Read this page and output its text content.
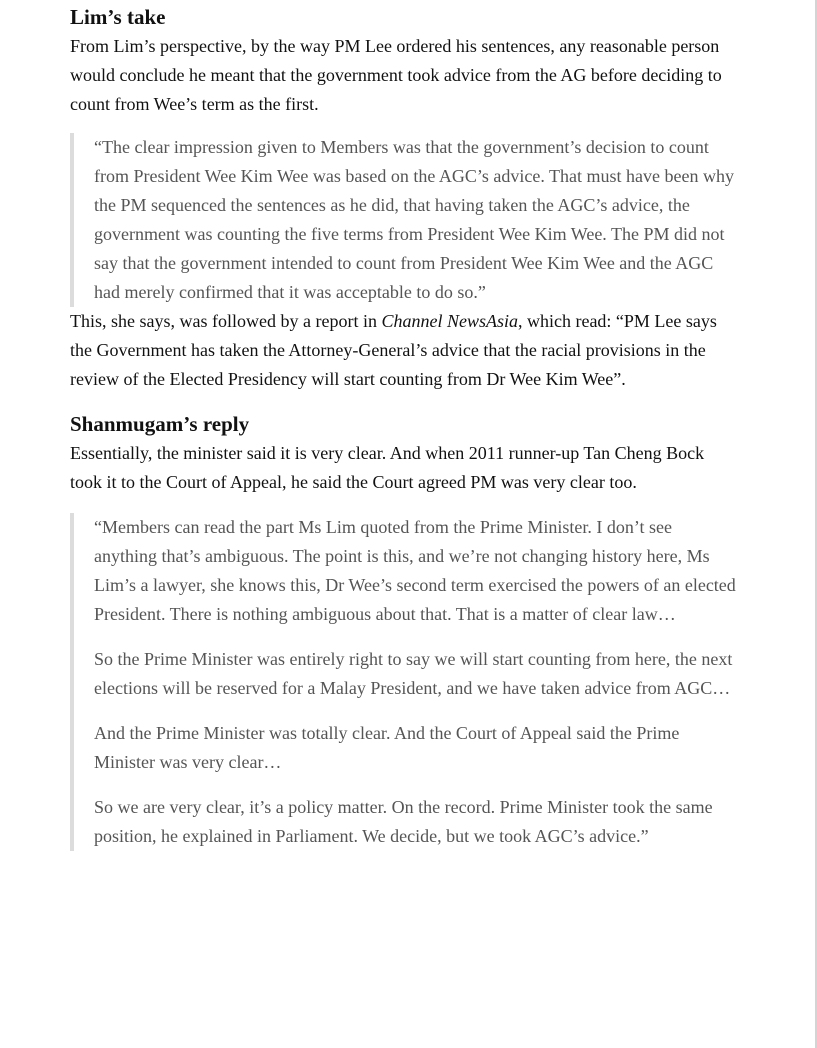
Lim’s take

From Lim’s perspective, by the way PM Lee ordered his sentences, any reasonable person would conclude he meant that the government took advice from the AG before deciding to count from Wee’s term as the first.

“The clear impression given to Members was that the government’s decision to count from President Wee Kim Wee was based on the AGC’s advice. That must have been why the PM sequenced the sentences as he did, that having taken the AGC’s advice, the government was counting the five terms from President Wee Kim Wee. The PM did not say that the government intended to count from President Wee Kim Wee and the AGC had merely confirmed that it was acceptable to do so.”

This, she says, was followed by a report in Channel NewsAsia, which read: “PM Lee says the Government has taken the Attorney-General’s advice that the racial provisions in the review of the Elected Presidency will start counting from Dr Wee Kim Wee”.

Shanmugam’s reply

Essentially, the minister said it is very clear. And when 2011 runner-up Tan Cheng Bock took it to the Court of Appeal, he said the Court agreed PM was very clear too.

“Members can read the part Ms Lim quoted from the Prime Minister. I don’t see anything that’s ambiguous. The point is this, and we’re not changing history here, Ms Lim’s a lawyer, she knows this, Dr Wee’s second term exercised the powers of an elected President. There is nothing ambiguous about that. That is a matter of clear law…

So the Prime Minister was entirely right to say we will start counting from here, the next elections will be reserved for a Malay President, and we have taken advice from AGC…

And the Prime Minister was totally clear. And the Court of Appeal said the Prime Minister was very clear…

So we are very clear, it’s a policy matter. On the record. Prime Minister took the same position, he explained in Parliament. We decide, but we took AGC’s advice.”
